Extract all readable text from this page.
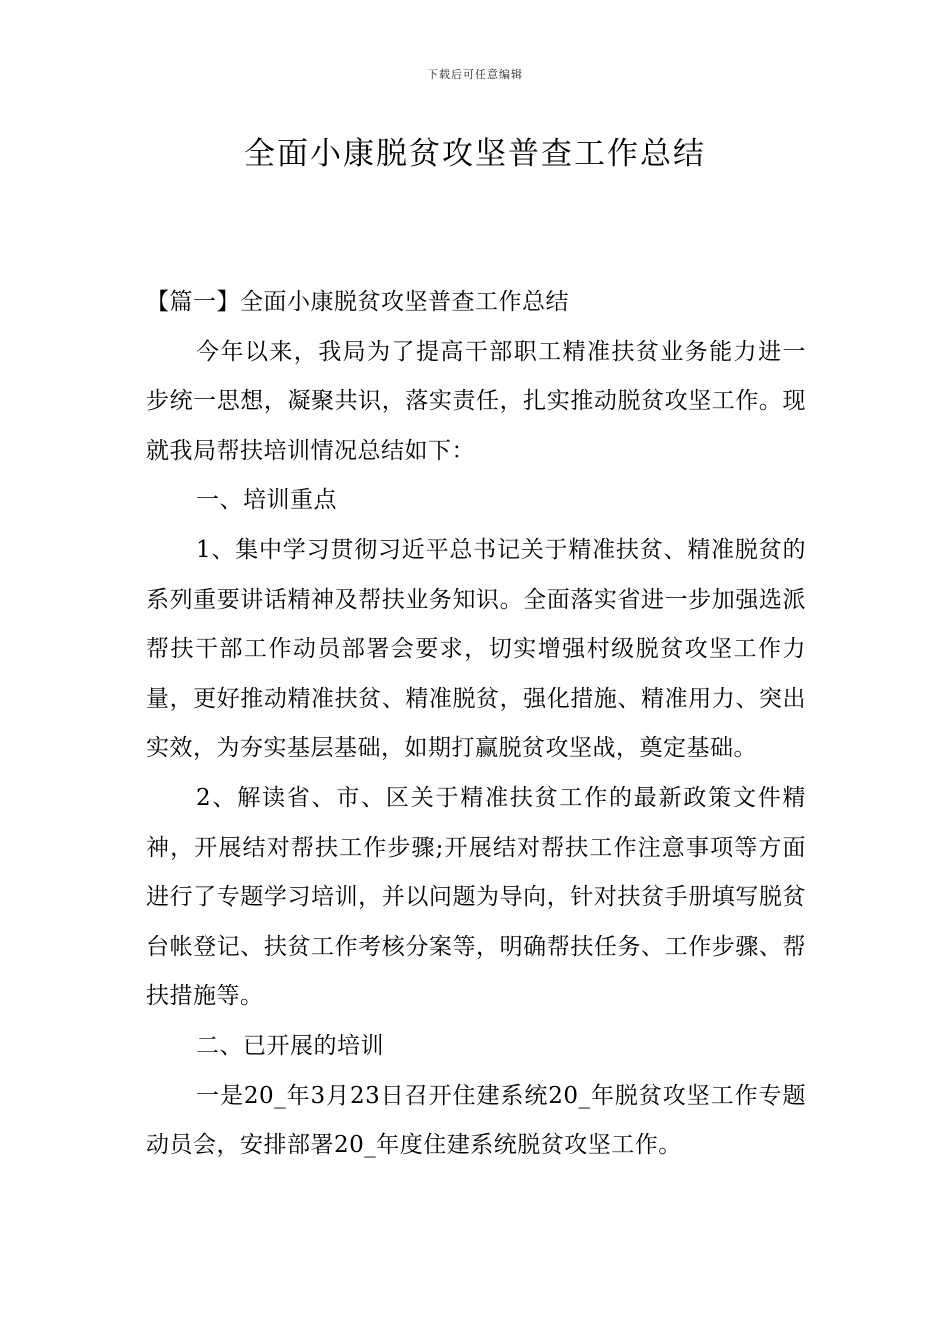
下载后可任意编辑
全面小康脱贫攻坚普查工作总结

【篇一】全面小康脱贫攻坚普查工作总结

今年以来，我局为了提高干部职工精准扶贫业务能力进一步统一思想，凝聚共识，落实责任，扎实推动脱贫攻坚工作。现就我局帮扶培训情况总结如下：

一、培训重点

1、集中学习贯彻习近平总书记关于精准扶贫、精准脱贫的系列重要讲话精神及帮扶业务知识。全面落实省进一步加强选派帮扶干部工作动员部署会要求，切实增强村级脱贫攻坚工作力量，更好推动精准扶贫、精准脱贫，强化措施、精准用力、突出实效，为夯实基层基础，如期打赢脱贫攻坚战，奠定基础。

2、解读省、市、区关于精准扶贫工作的最新政策文件精神，开展结对帮扶工作步骤;开展结对帮扶工作注意事项等方面进行了专题学习培训，并以问题为导向，针对扶贫手册填写脱贫台帐登记、扶贫工作考核分案等，明确帮扶任务、工作步骤、帮扶措施等。

二、已开展的培训

一是20_年3月23日召开住建系统20_年脱贫攻坚工作专题动员会，安排部署20_年度住建系统脱贫攻坚工作。
